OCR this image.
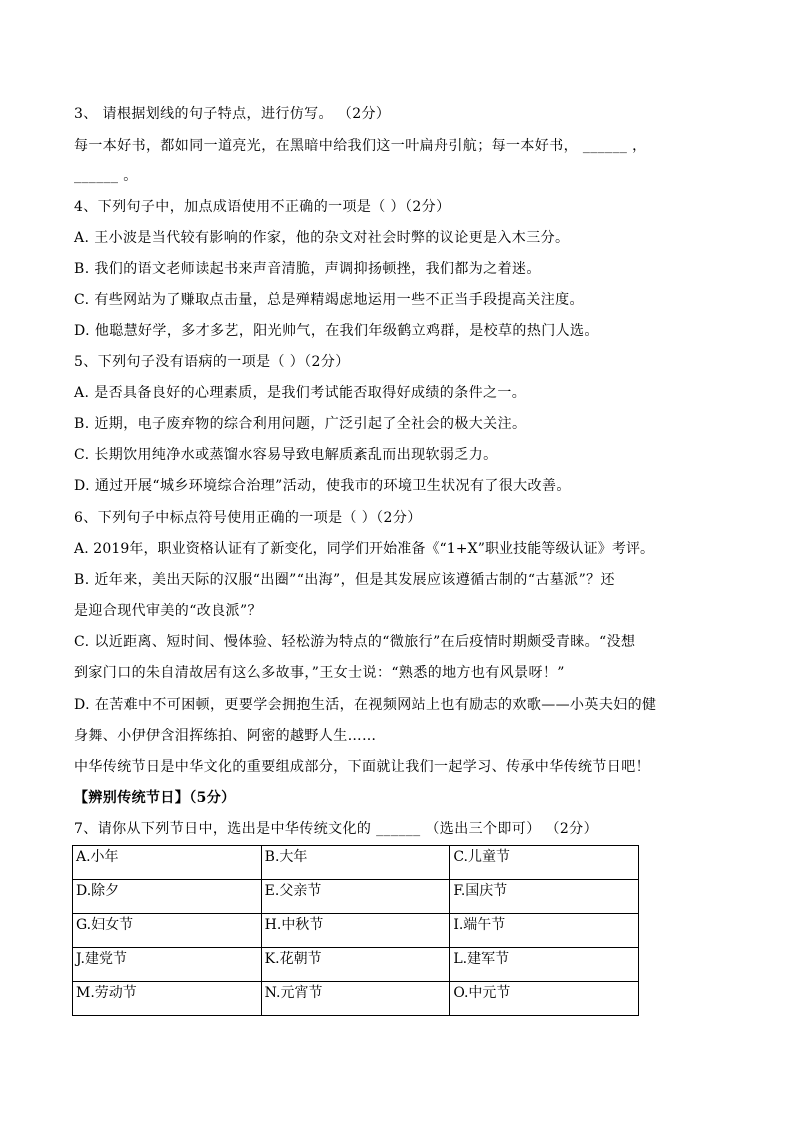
3、 请根据划线的句子特点，进行仿写。 （2分）
每一本好书，都如同一道亮光，在黑暗中给我们这一叶扁舟引航；每一本好书， ______ ，
______ 。
4、下列句子中，加点成语使用不正确的一项是（ ）（2分）
A. 王小波是当代较有影响的作家，他的杂文对社会时弊的议论更是入木三分。
B. 我们的语文老师读起书来声音清脆，声调抑扬顿挫，我们都为之着迷。
C. 有些网站为了赚取点击量，总是殚精竭虑地运用一些不正当手段提高关注度。
D. 他聪慧好学，多才多艺，阳光帅气，在我们年级鹤立鸡群，是校草的热门人选。
5、下列句子没有语病的一项是（ ）（2分）
A. 是否具备良好的心理素质，是我们考试能否取得好成绩的条件之一。
B. 近期，电子废弃物的综合利用问题，广泛引起了全社会的极大关注。
C. 长期饮用纯净水或蒸馏水容易导致电解质紊乱而出现软弱乏力。
D. 通过开展“城乡环境综合治理”活动，使我市的环境卫生状况有了很大改善。
6、下列句子中标点符号使用正确的一项是（ ）（2分）
A. 2019年，职业资格认证有了新变化，同学们开始准备《“1+X”职业技能等级认证》考评。
B. 近年来，美出天际的汉服“出圈”“出海”，但是其发展应该遵循古制的“古墓派”？还
是迎合现代审美的“改良派”？
C. 以近距离、短时间、慢体验、轻松游为特点的“微旅行”在后疫情时期颇受青睐。“没想
到家门口的朱自清故居有这么多故事，”王女士说：“熟悉的地方也有风景呀！”
D. 在苦难中不可困顿，更要学会拥抱生活，在视频网站上也有励志的欢歌——小英夫妇的健
身舞、小伊伊含泪挥练拍、阿密的越野人生……
中华传统节日是中华文化的重要组成部分，下面就让我们一起学习、传承中华传统节日吧！
【辨别传统节日】（5分）
7、请你从下列节日中，选出是中华传统文化的 ______ （选出三个即可） （2分）
A.小年	B.大年	C.儿童节
D.除夕	E.父亲节	F.国庆节
G.妇女节	H.中秋节	I.端午节
J.建党节	K.花朝节	L.建军节
M.劳动节	N.元宵节	O.中元节
